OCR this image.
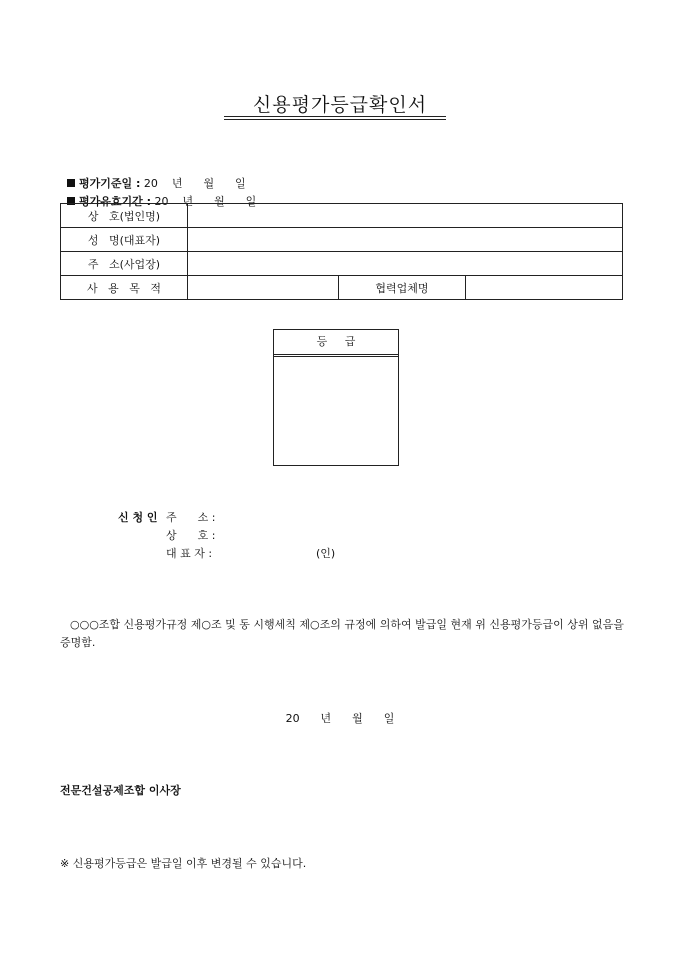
신용평가등급확인서

평가기준일 : 20    년      월      일

평가유효기간 : 20    년      월      일

상   호(법인명)			
성   명(대표자)			
주   소(사업장)			
사   용   목   적		협력업체명	
등     급
신 청 인 주      소 :
상      호 :
대 표 자 :	(인)
○○○조합 신용평가규정 제○조 및 동 시행세칙 제○조의 규정에 의하여 발급일 현재 위 신용평가등급이 상위 없음을 증명함.
20      년      월      일
전문건설공제조합 이사장
※ 신용평가등급은 발급일 이후 변경될 수 있습니다.
